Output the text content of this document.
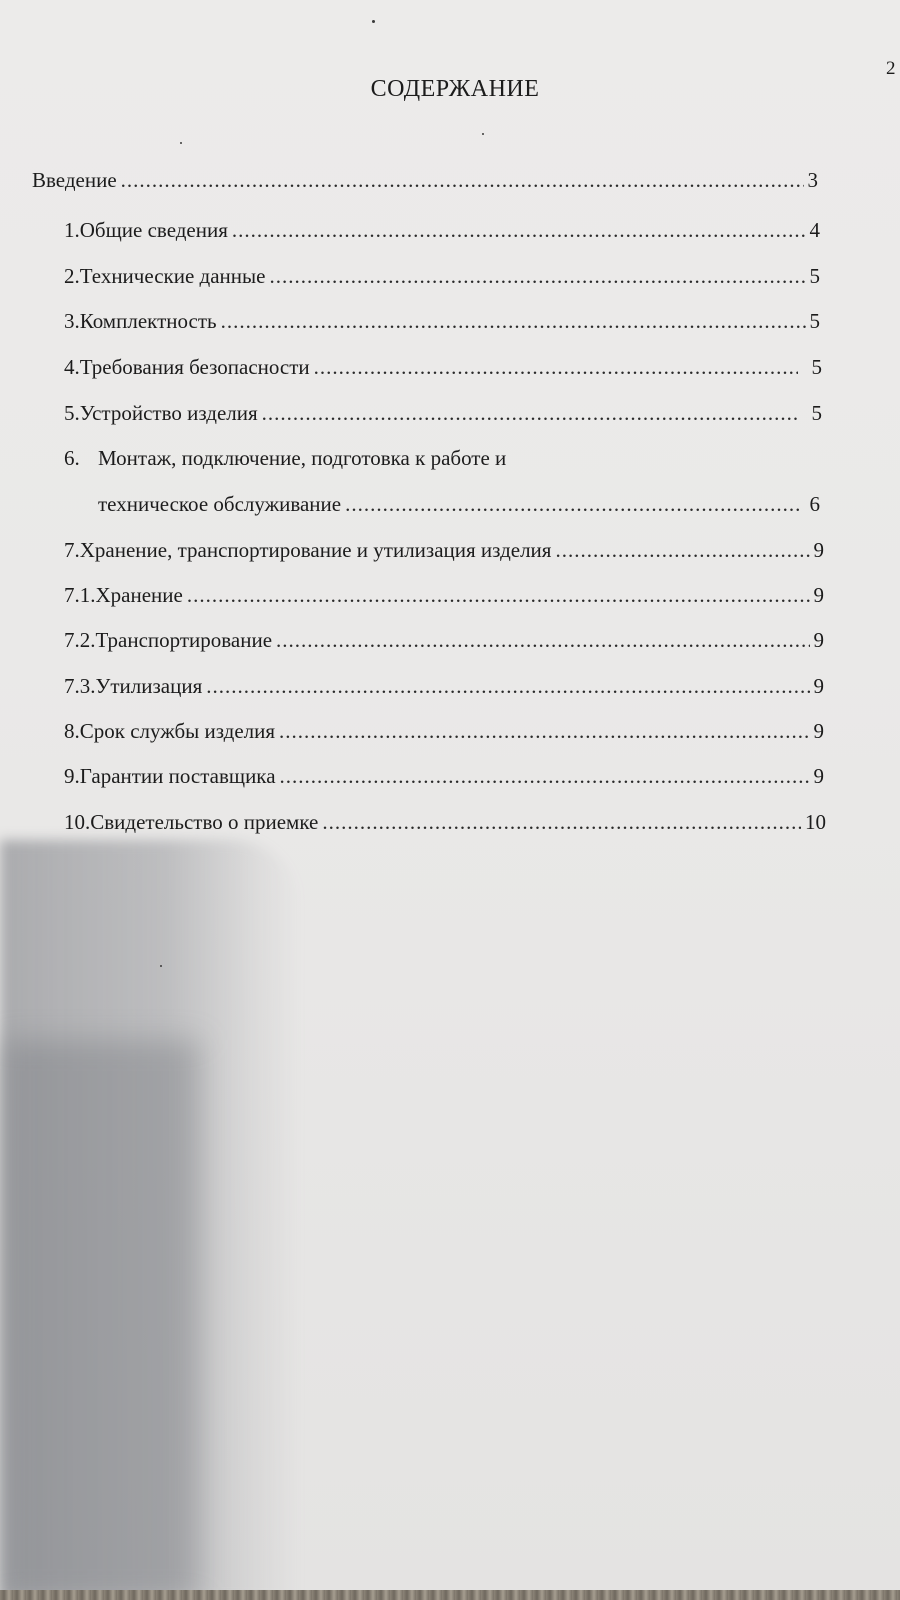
2
СОДЕРЖАНИЕ
Введение .....	3
1. Общие сведения .....	4
2. Технические данные .....	5
3. Комплектность .....	5
4. Требования безопасности .....	5
5. Устройство изделия .....	5
6. Монтаж, подключение, подготовка к работе и
техническое обслуживание .....	6
7. Хранение, транспортирование и утилизация изделия .....	9
7.1. Хранение .....	9
7.2. Транспортирование .....	9
7.3. Утилизация .....	9
8. Срок службы изделия .....	9
9. Гарантии поставщика .....	9
10. Свидетельство о приемке .....	10
